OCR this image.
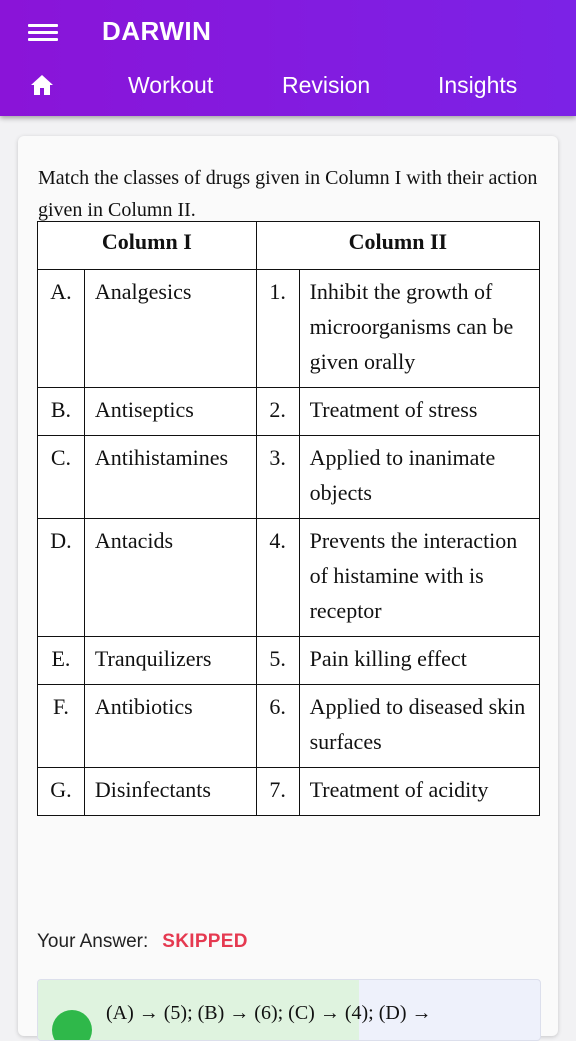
DARWIN
Workout	Revision	Insights
Match the classes of drugs given in Column I with their action given in Column II.
Column I		Column II	
A.	Analgesics	1.	Inhibit the growth of microorganisms can be given orally
B.	Antiseptics	2.	Treatment of stress
C.	Antihistamines	3.	Applied to inanimate objects
D.	Antacids	4.	Prevents the interaction of histamine with is receptor
E.	Tranquilizers	5.	Pain killing effect
F.	Antibiotics	6.	Applied to diseased skin surfaces
G.	Disinfectants	7.	Treatment of acidity
Your Answer: SKIPPED
(A) → (5); (B) → (6); (C) → (4); (D) →
